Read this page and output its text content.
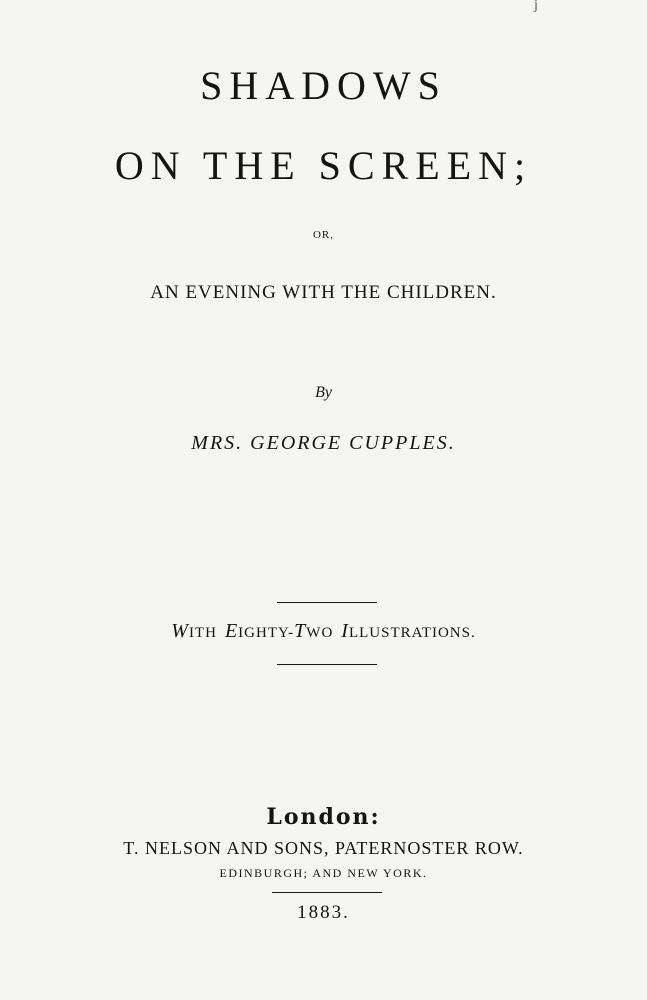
j
SHADOWS
ON THE SCREEN;
OR,
AN EVENING WITH THE CHILDREN.
By
MRS. GEORGE CUPPLES.
WITH EIGHTY-TWO ILLUSTRATIONS.
London:
T. NELSON AND SONS, PATERNOSTER ROW.
EDINBURGH; AND NEW YORK.
1883.
